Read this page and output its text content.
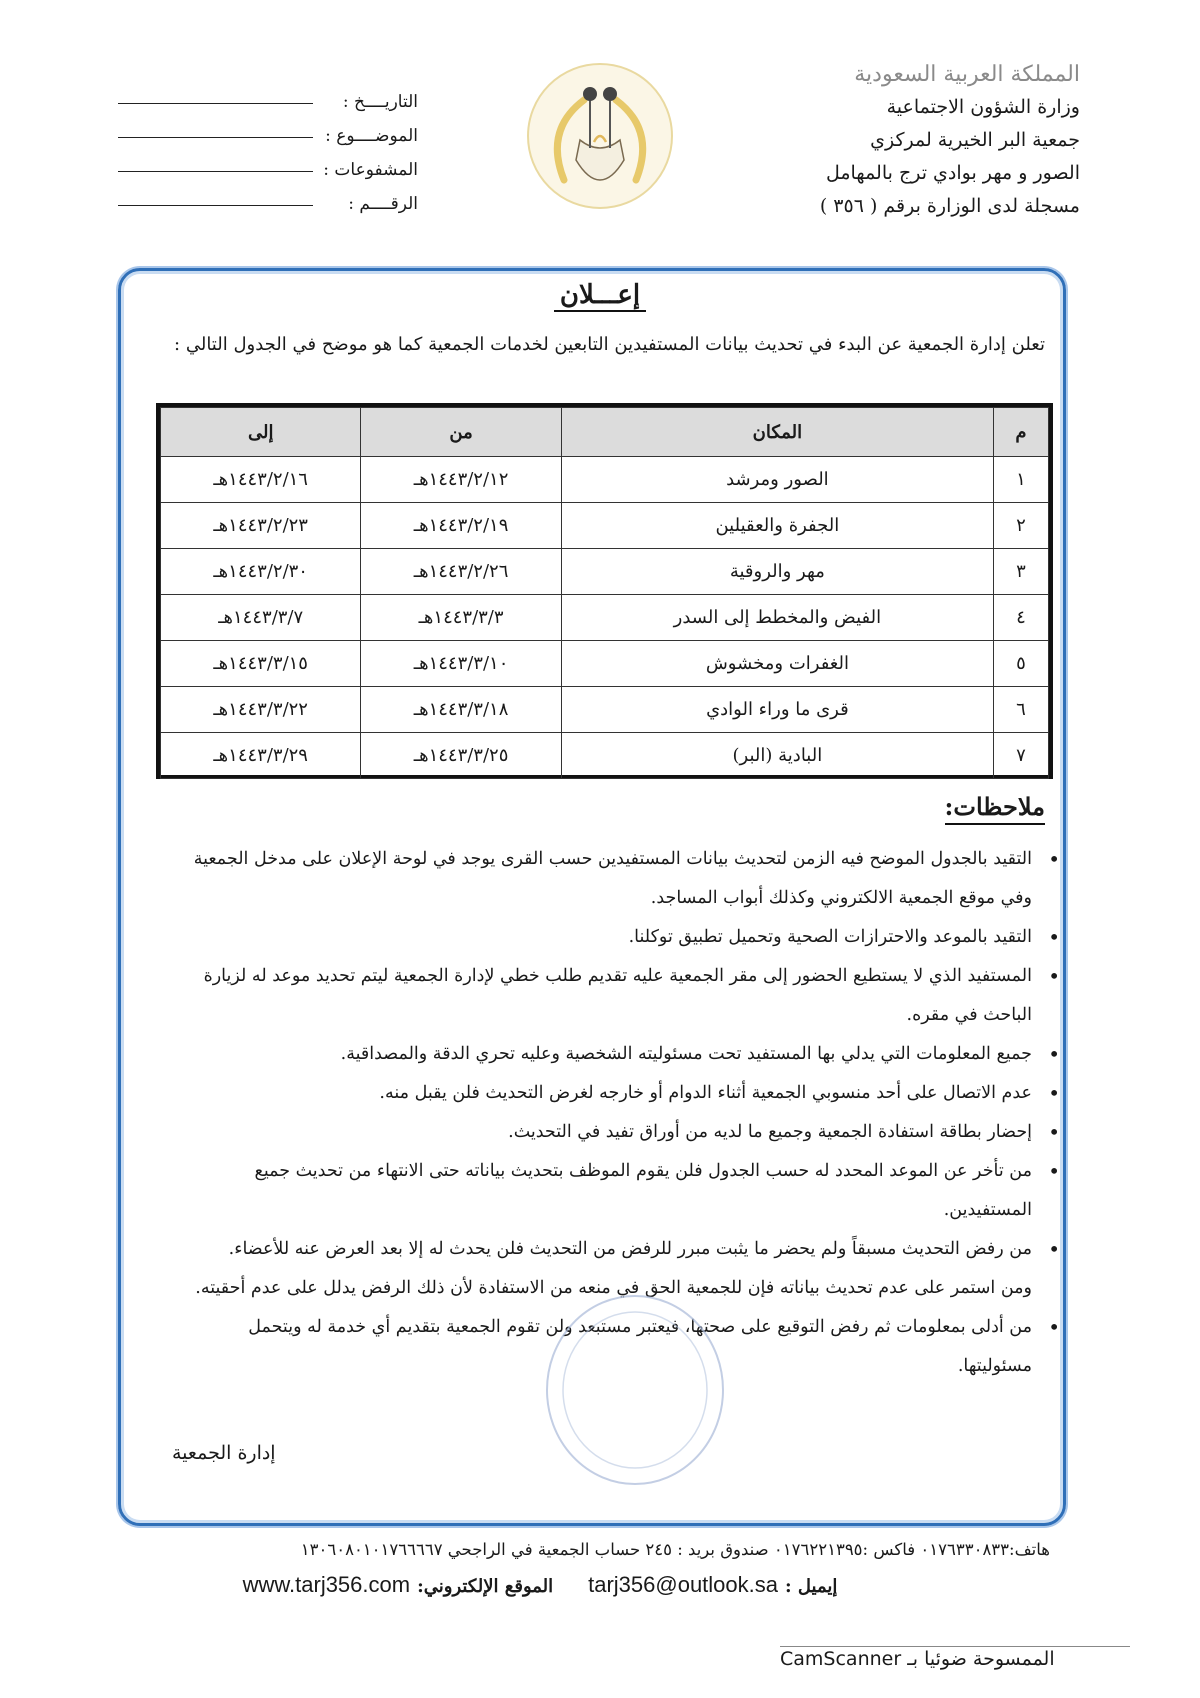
المملكة العربية السعودية
وزارة الشؤون الاجتماعية
جمعية البر الخيرية لمركزي
الصور و مهر بوادي ترج بالمهامل
مسجلة لدى الوزارة برقم ( ٣٥٦ )
التاريــــخ :
الموضــــوع :
المشفوعات :
الرقــــم :
إعـــلان
تعلن إدارة الجمعية عن البدء في تحديث بيانات المستفيدين التابعين لخدمات الجمعية كما هو موضح في الجدول التالي :
م	المكان	من	إلى
١	الصور ومرشد	١٤٤٣/٢/١٢هـ	١٤٤٣/٢/١٦هـ
٢	الجفرة والعقيلين	١٤٤٣/٢/١٩هـ	١٤٤٣/٢/٢٣هـ
٣	مهر والروقية	١٤٤٣/٢/٢٦هـ	١٤٤٣/٢/٣٠هـ
٤	الفيض والمخطط إلى السدر	١٤٤٣/٣/٣هـ	١٤٤٣/٣/٧هـ
٥	الغفرات ومخشوش	١٤٤٣/٣/١٠هـ	١٤٤٣/٣/١٥هـ
٦	قرى ما وراء الوادي	١٤٤٣/٣/١٨هـ	١٤٤٣/٣/٢٢هـ
٧	البادية (البر)	١٤٤٣/٣/٢٥هـ	١٤٤٣/٣/٢٩هـ
ملاحظات:
• التقيد بالجدول الموضح فيه الزمن لتحديث بيانات المستفيدين حسب القرى يوجد في لوحة الإعلان على مدخل الجمعية وفي موقع الجمعية الالكتروني وكذلك أبواب المساجد.
• التقيد بالموعد والاحترازات الصحية وتحميل تطبيق توكلنا.
• المستفيد الذي لا يستطيع الحضور إلى مقر الجمعية عليه تقديم طلب خطي لإدارة الجمعية ليتم تحديد موعد له لزيارة الباحث في مقره.
• جميع المعلومات التي يدلي بها المستفيد تحت مسئوليته الشخصية وعليه تحري الدقة والمصداقية.
• عدم الاتصال على أحد منسوبي الجمعية أثناء الدوام أو خارجه لغرض التحديث فلن يقبل منه.
• إحضار بطاقة استفادة الجمعية وجميع ما لديه من أوراق تفيد في التحديث.
• من تأخر عن الموعد المحدد له حسب الجدول فلن يقوم الموظف بتحديث بياناته حتى الانتهاء من تحديث جميع المستفيدين.
• من رفض التحديث مسبقاً ولم يحضر ما يثبت مبرر للرفض من التحديث فلن يحدث له إلا بعد العرض عنه للأعضاء.
ومن استمر على عدم تحديث بياناته فإن للجمعية الحق في منعه من الاستفادة لأن ذلك الرفض يدلل على عدم أحقيته.
• من أدلى بمعلومات ثم رفض التوقيع على صحتها، فيعتبر مستبعد ولن تقوم الجمعية بتقديم أي خدمة له ويتحمل مسئوليتها.
إدارة الجمعية
هاتف:٠١٧٦٣٣٠٨٣٣ فاكس :٠١٧٦٢٢١٣٩٥ صندوق بريد : ٢٤٥ حساب الجمعية في الراجحي ١٣٠٦٠٨٠١٠١٧٦٦٦٦٧
إيميل : tarj356@outlook.sa     الموقع الإلكتروني: www.tarj356.com
الممسوحة ضوئيا بـ CamScanner
